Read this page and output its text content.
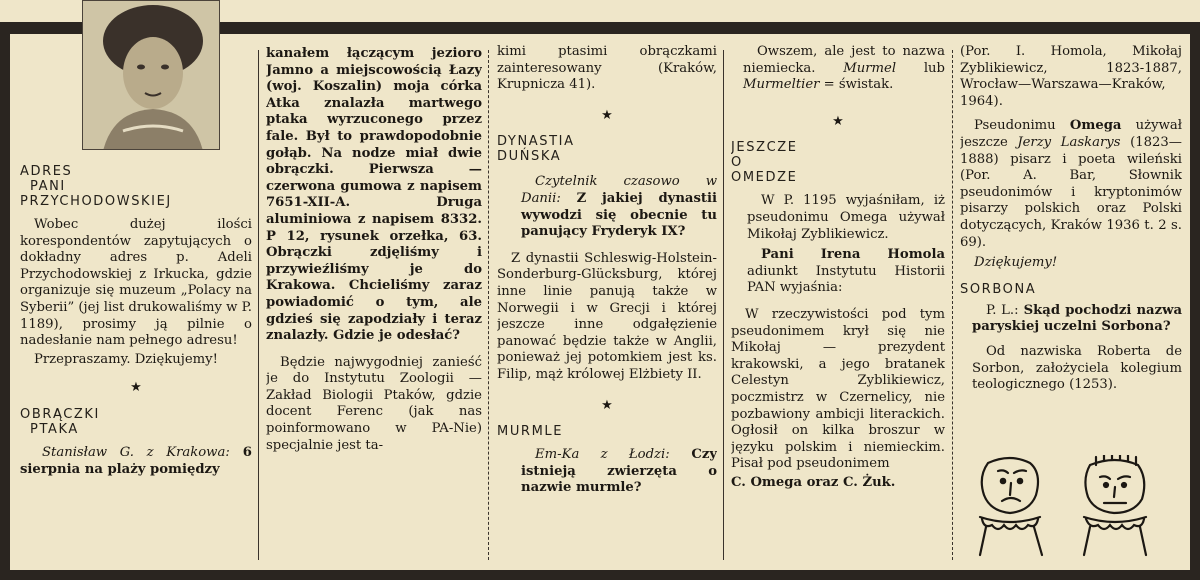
ADRES
PANI
PRZYCHODOWSKIEJ

Wobec dużej ilości korespondentów zapytujących o dokładny adres p. Adeli Przychodowskiej z Irkucka, gdzie organizuje się muzeum „Polacy na Syberii” (jej list drukowaliśmy w P. 1189), prosimy ją pilnie o nadesłanie nam pełnego adresu!

Przepraszamy. Dziękujemy!

★
OBRĄCZKI
PTAKA

Stanisław G. z Krakowa: 6 sierpnia na plaży pomiędzy

kanałem łączącym jezioro Jamno a miejscowością Łazy (woj. Koszalin) moja córka Atka znalazła martwego ptaka wyrzuconego przez fale. Był to prawdopodobnie gołąb. Na nodze miał dwie obrączki. Pierwsza — czerwona gumowa z napisem 7651-XII-A. Druga aluminiowa z napisem 8332. P 12, rysunek orzełka, 63. Obrączki zdjęliśmy i przywieźliśmy je do Krakowa. Chcieliśmy zaraz powiadomić o tym, ale gdzieś się zapodziały i teraz znalazły. Gdzie je odesłać?

Będzie najwygodniej zanieść je do Instytutu Zoologii — Zakład Biologii Ptaków, gdzie docent Ferenc (jak nas poinformowano w PA-Nie) specjalnie jest ta-

kimi ptasimi obrączkami zainteresowany (Kraków, Krupnicza 41).

★
DYNASTIA
DUŃSKA

Czytelnik czasowo w Danii: Z jakiej dynastii wywodzi się obecnie tu panujący Fryderyk IX?

Z dynastii Schleswig-Holstein-Sonderburg-Glücksburg, której inne linie panują także w Norwegii i w Grecji i której jeszcze inne odgałęzienie panować będzie także w Anglii, ponieważ jej potomkiem jest ks. Filip, mąż królowej Elżbiety II.

★
MURMLE

Em-Ka z Łodzi: Czy istnieją zwierzęta o nazwie murmle?

Owszem, ale jest to nazwa niemiecka. Murmel lub Murmeltier = świstak.

★
JESZCZE
O
OMEDZE

W P. 1195 wyjaśniłam, iż pseudonimu Omega używał Mikołaj Zyblikiewicz.

Pani Irena Homola adiunkt Instytutu Historii PAN wyjaśnia:

W rzeczywistości pod tym pseudonimem krył się nie Mikołaj — prezydent krakowski, a jego bratanek Celestyn Zyblikiewicz, poczmistrz w Czernelicy, nie pozbawiony ambicji literackich. Ogłosił on kilka broszur w języku polskim i niemieckim. Pisał pod pseudonimem

C. Omega oraz C. Żuk.

(Por. I. Homola, Mikołaj Zyblikiewicz, 1823-1887, Wrocław—Warszawa—Kraków, 1964).

Pseudonimu Omega używał jeszcze Jerzy Laskarys (1823—1888) pisarz i poeta wileński (Por. A. Bar, Słownik pseudonimów i kryptonimów pisarzy polskich oraz Polski dotyczących, Kraków 1936 t. 2 s. 69).

Dziękujemy!

SORBONA

P. L.: Skąd pochodzi nazwa paryskiej uczelni Sorbona?

Od nazwiska Roberta de Sorbon, założyciela kolegium teologicznego (1253).
